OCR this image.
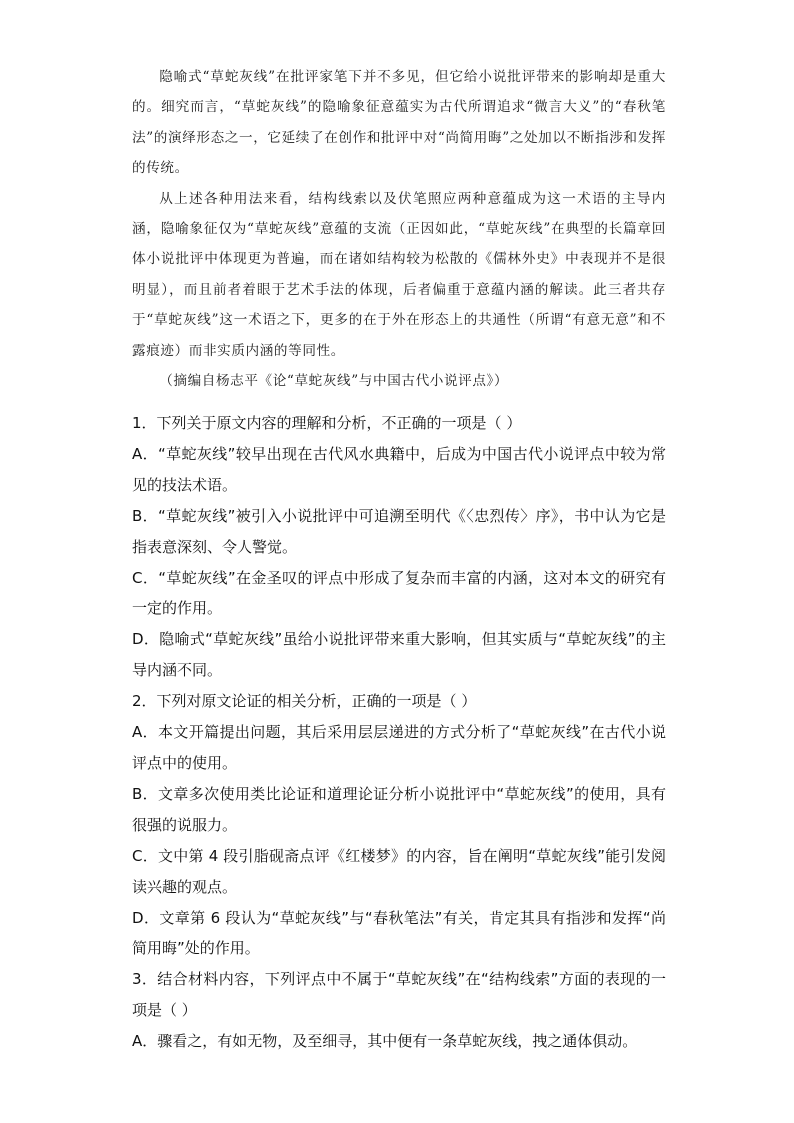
隐喻式“草蛇灰线”在批评家笔下并不多见，但它给小说批评带来的影响却是重大的。细究而言，“草蛇灰线”的隐喻象征意蕴实为古代所谓追求“微言大义”的“春秋笔法”的演绎形态之一，它延续了在创作和批评中对“尚简用晦”之处加以不断指涉和发挥的传统。

从上述各种用法来看，结构线索以及伏笔照应两种意蕴成为这一术语的主导内涵，隐喻象征仅为“草蛇灰线”意蕴的支流（正因如此，“草蛇灰线”在典型的长篇章回体小说批评中体现更为普遍，而在诸如结构较为松散的《儒林外史》中表现并不是很明显），而且前者着眼于艺术手法的体现，后者偏重于意蕴内涵的解读。此三者共存于“草蛇灰线”这一术语之下，更多的在于外在形态上的共通性（所谓“有意无意”和不露痕迹）而非实质内涵的等同性。

（摘编自杨志平《论“草蛇灰线”与中国古代小说评点》）

1．下列关于原文内容的理解和分析，不正确的一项是（ ）

A．“草蛇灰线”较早出现在古代风水典籍中，后成为中国古代小说评点中较为常见的技法术语。

B．“草蛇灰线”被引入小说批评中可追溯至明代《〈忠烈传〉序》，书中认为它是指表意深刻、令人警觉。

C．“草蛇灰线”在金圣叹的评点中形成了复杂而丰富的内涵，这对本文的研究有一定的作用。

D．隐喻式“草蛇灰线”虽给小说批评带来重大影响，但其实质与“草蛇灰线”的主导内涵不同。

2．下列对原文论证的相关分析，正确的一项是（ ）

A．本文开篇提出问题，其后采用层层递进的方式分析了“草蛇灰线”在古代小说评点中的使用。

B．文章多次使用类比论证和道理论证分析小说批评中“草蛇灰线”的使用，具有很强的说服力。

C．文中第 4 段引脂砚斋点评《红楼梦》的内容，旨在阐明“草蛇灰线”能引发阅读兴趣的观点。

D．文章第 6 段认为“草蛇灰线”与“春秋笔法”有关，肯定其具有指涉和发挥“尚简用晦”处的作用。

3．结合材料内容，下列评点中不属于“草蛇灰线”在“结构线索”方面的表现的一项是（ ）

A．骤看之，有如无物，及至细寻，其中便有一条草蛇灰线，拽之通体俱动。
